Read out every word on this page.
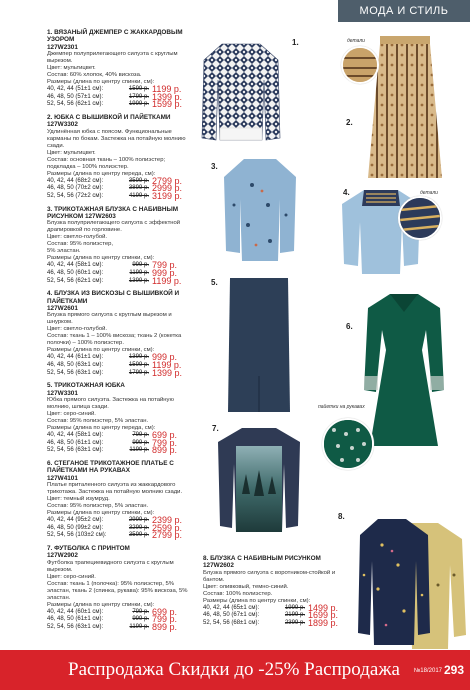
МОДА И СТИЛЬ
1. ВЯЗАНЫЙ ДЖЕМПЕР С ЖАККАРДОВЫМ УЗОРОМ
127W2301
Джемпер полуприлегающего силуэта с круглым вырезом.
Цвет: мультицвет.
Состав: 60% хлопок, 40% вискоза.
Размеры (длина по центру спинки, см):
40, 42, 44 (51±1 см):	1599 р. 1199 р.
46, 48, 50 (57±1 см):	1799 р. 1399 р.
52, 54, 56 (62±1 см):	1999 р. 1599 р.
2. ЮБКА С ВЫШИВКОЙ И ПАЙЕТКАМИ
127W3302
Удлинённая юбка с поясом. Функциональные карманы по бокам. Застежка на потайную молнию сзади.
Цвет: мультицвет.
Состав: основная ткань – 100% полиэстер; подкладка – 100% полиэстер.
Размеры (длина по центру переда, см):
40, 42, 44 (68±2 см):	3599 р. 2799 р.
46, 48, 50 (70±2 см):	3899 р. 2999 р.
52, 54, 56 (72±2 см):	4199 р. 3199 р.
3. ТРИКОТАЖНАЯ БЛУЗКА С НАБИВНЫМ РИСУНКОМ 127W2603
Блузка полуприлегающего силуэта с эффектной драпировкой по горловине.
Цвет: светло-голубой.
Состав: 95% полиэстер,
5% эластан.
Размеры (длина по центру спинки, см):
40, 42, 44 (58±1 см):	999 р. 799 р.
46, 48, 50 (60±1 см):	1199 р. 999 р.
52, 54, 56 (62±1 см):	1399 р. 1199 р.
4. БЛУЗКА ИЗ ВИСКОЗЫ С ВЫШИВКОЙ И ПАЙЕТКАМИ
127W2601
Блузка прямого силуэта с круглым вырезом и шнурком.
Цвет: светло-голубой.
Состав: ткань 1 – 100% вискоза; ткань 2 (кокетка полочки) – 100% полиэстер.
Размеры (длина по центру спинки, см):
40, 42, 44 (61±1 см):	1399 р. 999 р.
46, 48, 50 (63±1 см):	1599 р. 1199 р.
52, 54, 56 (63±1 см):	1799 р. 1399 р.
5. ТРИКОТАЖНАЯ ЮБКА
127W3301
Юбка прямого силуэта. Застежка на потайную молнию, шлица сзади.
Цвет: серо-синий.
Состав: 95% полиэстер, 5% эластан.
Размеры (длина по центру переда, см):
40, 42, 44 (58±1 см):	799 р. 699 р.
46, 48, 50 (61±1 см):	999 р. 799 р.
52, 54, 56 (63±1 см):	1199 р. 899 р.
6. СТЕГАНОЕ ТРИКОТАЖНОЕ ПЛАТЬЕ С ПАЙЕТКАМИ НА РУКАВАХ
127W4101
Платье приталенного силуэта из жаккардового трикотажа. Застежка на потайную молнию сзади.
Цвет: темный изумруд.
Состав: 95% полиэстер, 5% эластан.
Размеры (длина по центру спинки, см):
40, 42, 44 (95±2 см):	2999 р. 2399 р.
46, 48, 50 (99±2 см):	3299 р. 2599 р.
52, 54, 56 (103±2 см):	3599 р. 2799 р.
7. ФУТБОЛКА С ПРИНТОМ
127W2902
Футболка трапециевидного силуэта с круглым вырезом.
Цвет: серо-синий.
Состав: ткань 1 (полочка): 95% полиэстер, 5% эластан, ткань 2 (спинка, рукава): 95% вискоза, 5% эластан.
Размеры (длина по центру спинки, см):
40, 42, 44 (60±1 см):	799 р. 699 р.
46, 48, 50 (61±1 см):	999 р. 799 р.
52, 54, 56 (63±1 см):	1199 р. 899 р.
8. БЛУЗКА С НАБИВНЫМ РИСУНКОМ
127W2602
Блузка прямого силуэта с воротником-стойкой и бантом.
Цвет: оливковый, темно-синий.
Состав: 100% полиэстер.
Размеры (длина по центру спинки, см):
40, 42, 44 (65±1 см):	1999 р. 1499 р.
46, 48, 50 (67±1 см):	2199 р. 1699 р.
52, 54, 56 (68±1 см):	2399 р. 1899 р.
1.	детали
2.
3.
детали
4.
5.
пайетки на рукавах
6.
7.
8.
Распродажа Скидки до -25% Распродажа №18/2017 293
